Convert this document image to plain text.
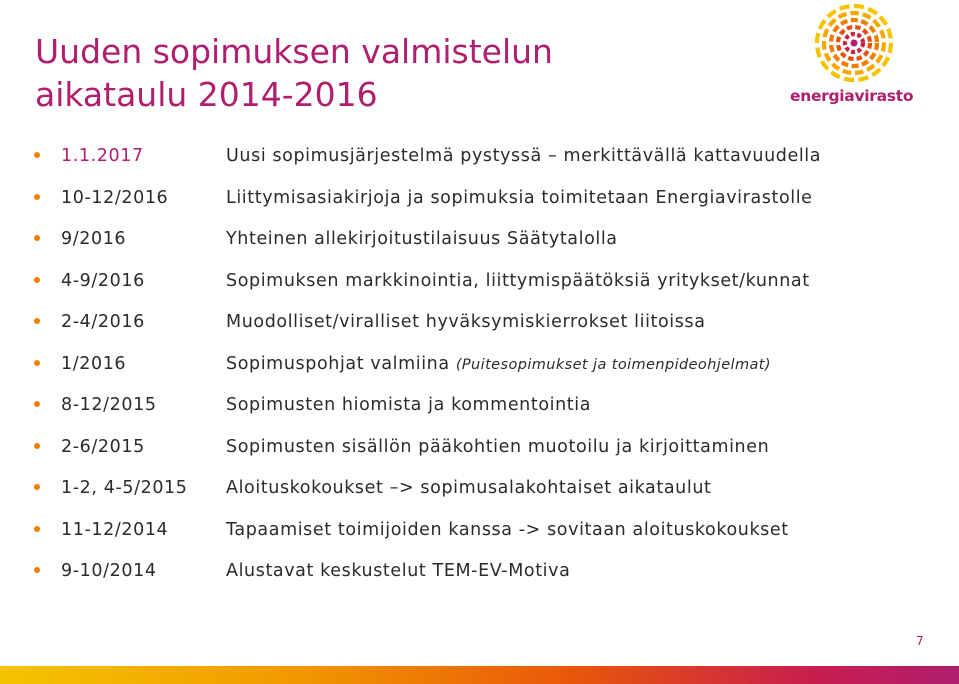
Uuden sopimuksen valmistelun aikataulu 2014-2016	energiavirasto
1.1.2017	Uusi sopimusjärjestelmä pystyssä – merkittävällä kattavuudella
10-12/2016	Liittymisasiakirjoja ja sopimuksia toimitetaan Energiavirastolle
9/2016	Yhteinen allekirjoitustilaisuus Säätytalolla
4-9/2016	Sopimuksen markkinointia, liittymispäätöksiä yritykset/kunnat
2-4/2016	Muodolliset/viralliset hyväksymiskierrokset liitoissa
1/2016	Sopimuspohjat valmiina (Puitesopimukset ja toimenpideohjelmat)
8-12/2015	Sopimusten hiomista ja kommentointia
2-6/2015	Sopimusten sisällön pääkohtien muotoilu ja kirjoittaminen
1-2, 4-5/2015 Aloituskokoukset –> sopimusalakohtaiset aikataulut
11-12/2014	Tapaamiset toimijoiden kanssa -> sovitaan aloituskokoukset
9-10/2014	Alustavat keskustelut TEM-EV-Motiva
7
